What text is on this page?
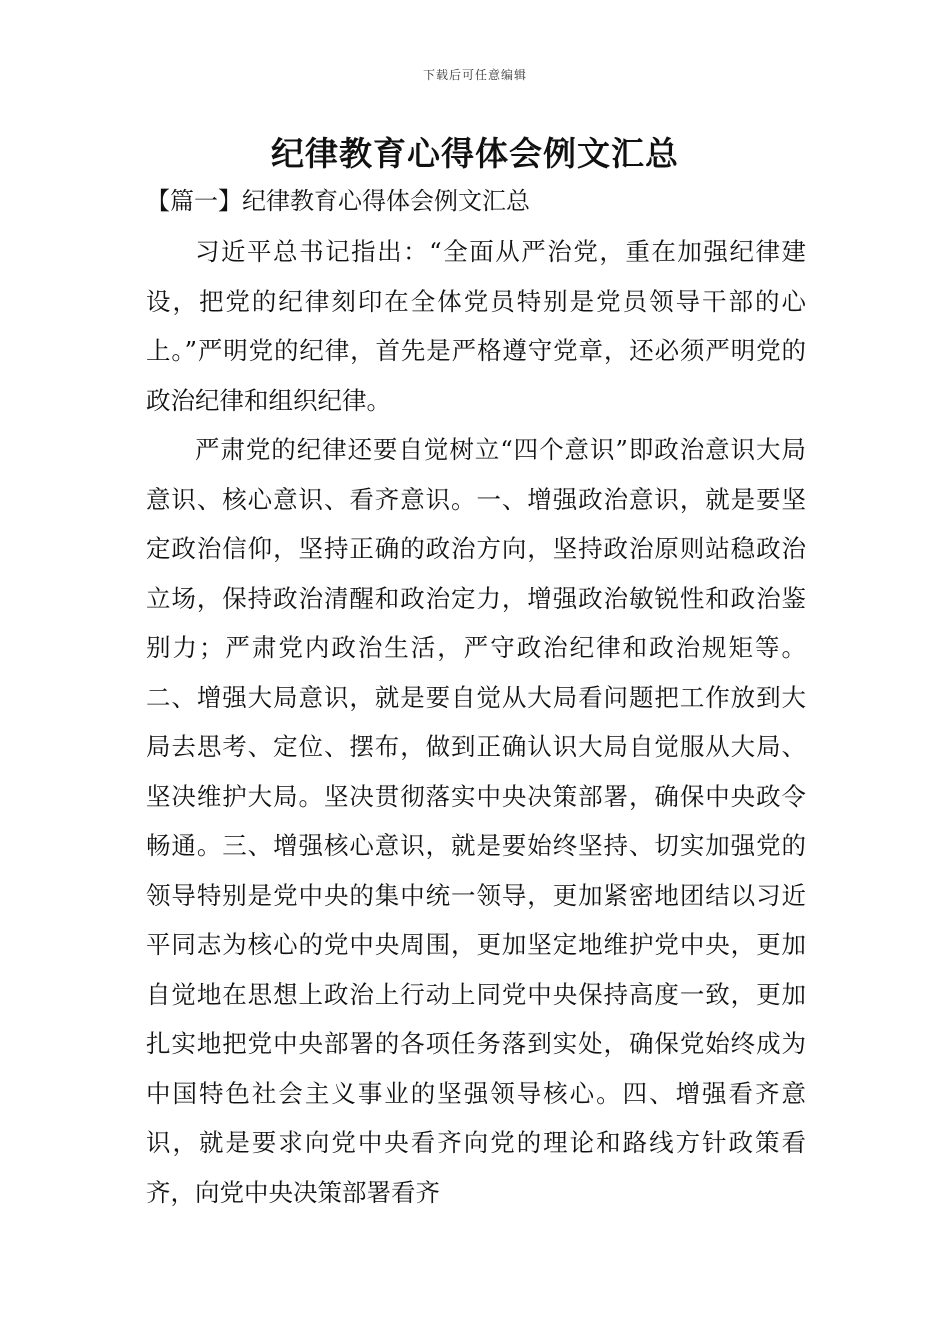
下载后可任意编辑
纪律教育心得体会例文汇总
【篇一】纪律教育心得体会例文汇总

习近平总书记指出：“全面从严治党，重在加强纪律建设，把党的纪律刻印在全体党员特别是党员领导干部的心上。”严明党的纪律，首先是严格遵守党章，还必须严明党的政治纪律和组织纪律。

严肃党的纪律还要自觉树立“四个意识”即政治意识大局意识、核心意识、看齐意识。一、增强政治意识，就是要坚定政治信仰，坚持正确的政治方向，坚持政治原则站稳政治立场，保持政治清醒和政治定力，增强政治敏锐性和政治鉴别力；严肃党内政治生活，严守政治纪律和政治规矩等。二、增强大局意识，就是要自觉从大局看问题把工作放到大局去思考、定位、摆布，做到正确认识大局自觉服从大局、坚决维护大局。坚决贯彻落实中央决策部署，确保中央政令畅通。三、增强核心意识，就是要始终坚持、切实加强党的领导特别是党中央的集中统一领导，更加紧密地团结以习近平同志为核心的党中央周围，更加坚定地维护党中央，更加自觉地在思想上政治上行动上同党中央保持高度一致，更加扎实地把党中央部署的各项任务落到实处，确保党始终成为中国特色社会主义事业的坚强领导核心。四、增强看齐意识，就是要求向党中央看齐向党的理论和路线方针政策看齐，向党中央决策部署看齐
